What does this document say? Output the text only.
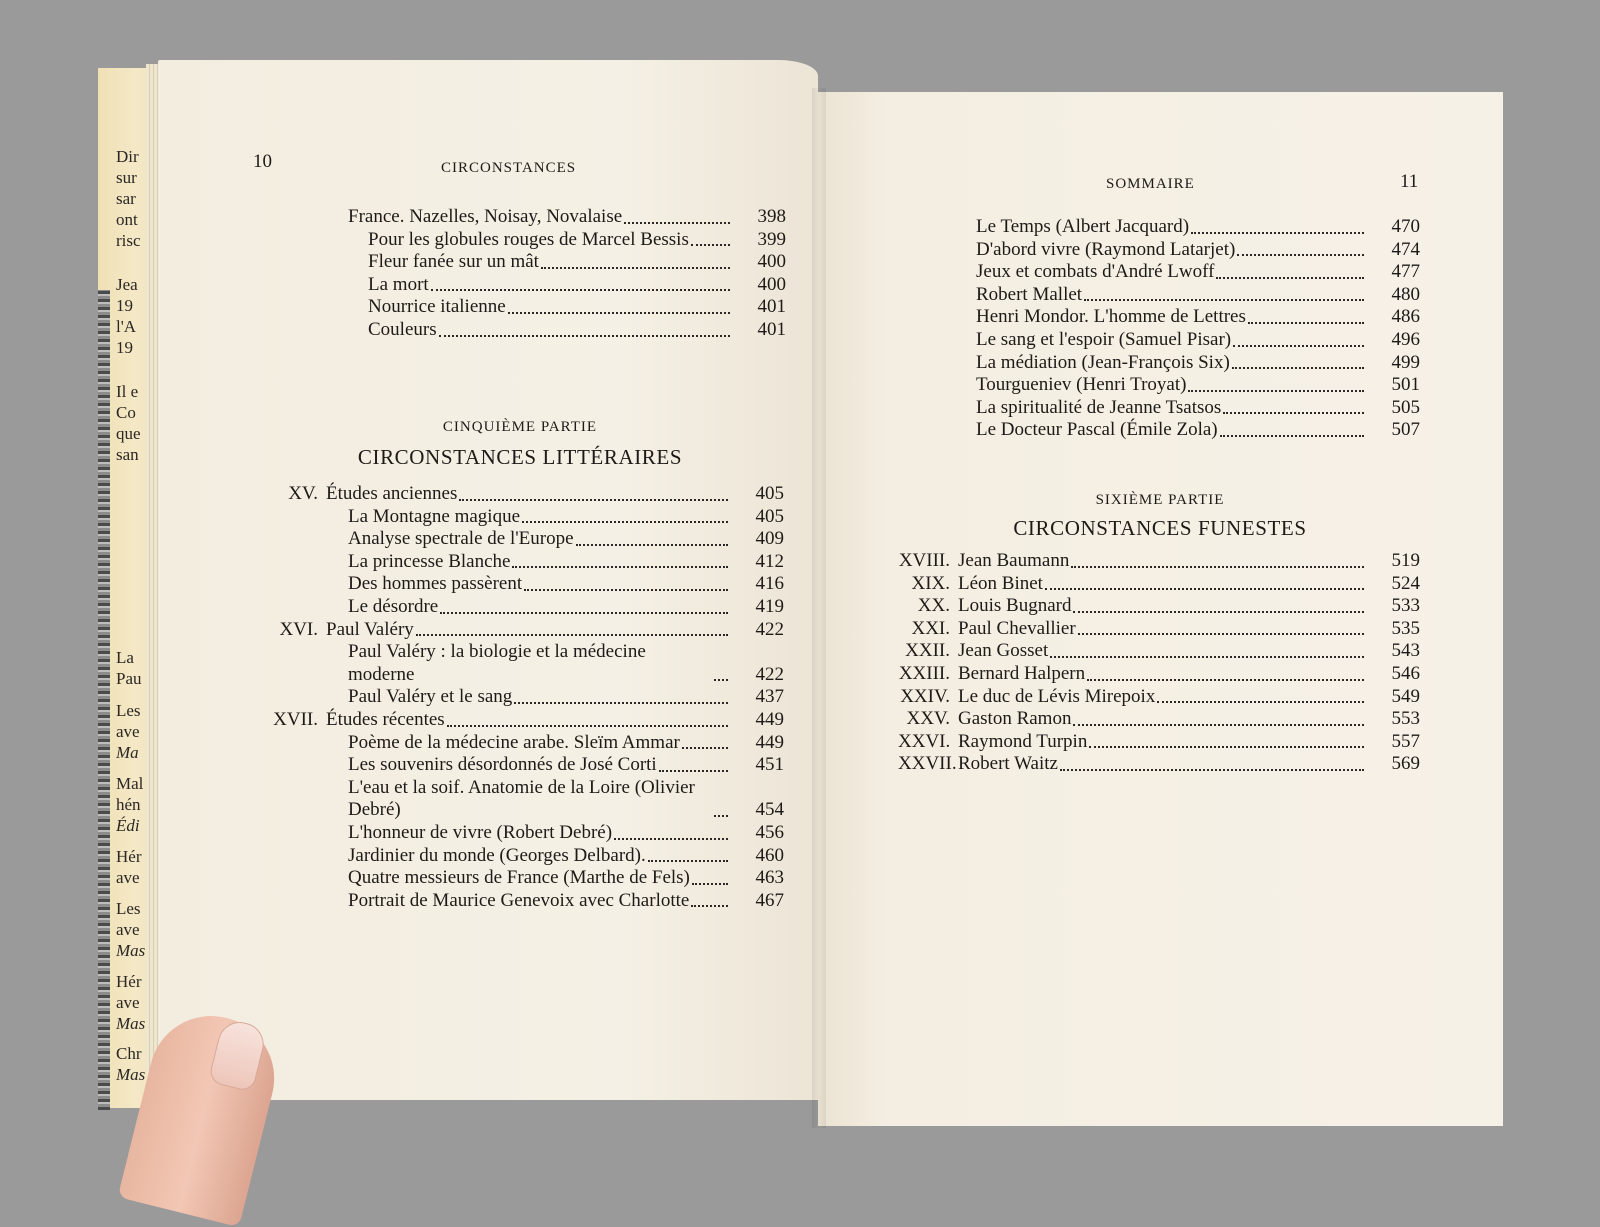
Dir
sur
sar
ont
risc
Jea
19
l'A
19
Il e
Co
que
san
La
Pau
Les
ave
Ma
Mal
hén
Édi
Hér
ave
Les
ave
Mas
Hér
ave
Mas
Chr
Mas
10	CIRCONSTANCES
France. Nazelles, Noisay, Novalaise	398
Pour les globules rouges de Marcel Bessis	399
Fleur fanée sur un mât	400
La mort	400
Nourrice italienne	401
Couleurs	401
CINQUIÈME PARTIE
CIRCONSTANCES LITTÉRAIRES
XV. Études anciennes	405
La Montagne magique	405
Analyse spectrale de l'Europe	409
La princesse Blanche	412
Des hommes passèrent	416
Le désordre	419
XVI. Paul Valéry	422
Paul Valéry : la biologie et la médecine moderne	422
Paul Valéry et le sang	437
XVII. Études récentes	449
Poème de la médecine arabe. Sleïm Ammar	449
Les souvenirs désordonnés de José Corti	451
L'eau et la soif. Anatomie de la Loire (Olivier Debré)	454
L'honneur de vivre (Robert Debré)	456
Jardinier du monde (Georges Delbard).	460
Quatre messieurs de France (Marthe de Fels)	463
Portrait de Maurice Genevoix avec Charlotte	467
SOMMAIRE	11
Le Temps (Albert Jacquard)	470
D'abord vivre (Raymond Latarjet)	474
Jeux et combats d'André Lwoff	477
Robert Mallet	480
Henri Mondor. L'homme de Lettres	486
Le sang et l'espoir (Samuel Pisar)	496
La médiation (Jean-François Six)	499
Tourgueniev (Henri Troyat)	501
La spiritualité de Jeanne Tsatsos	505
Le Docteur Pascal (Émile Zola)	507
SIXIÈME PARTIE
CIRCONSTANCES FUNESTES
XVIII. Jean Baumann	519
XIX. Léon Binet	524
XX. Louis Bugnard	533
XXI. Paul Chevallier	535
XXII. Jean Gosset	543
XXIII. Bernard Halpern	546
XXIV. Le duc de Lévis Mirepoix	549
XXV. Gaston Ramon	553
XXVI. Raymond Turpin	557
XXVII. Robert Waitz	569
